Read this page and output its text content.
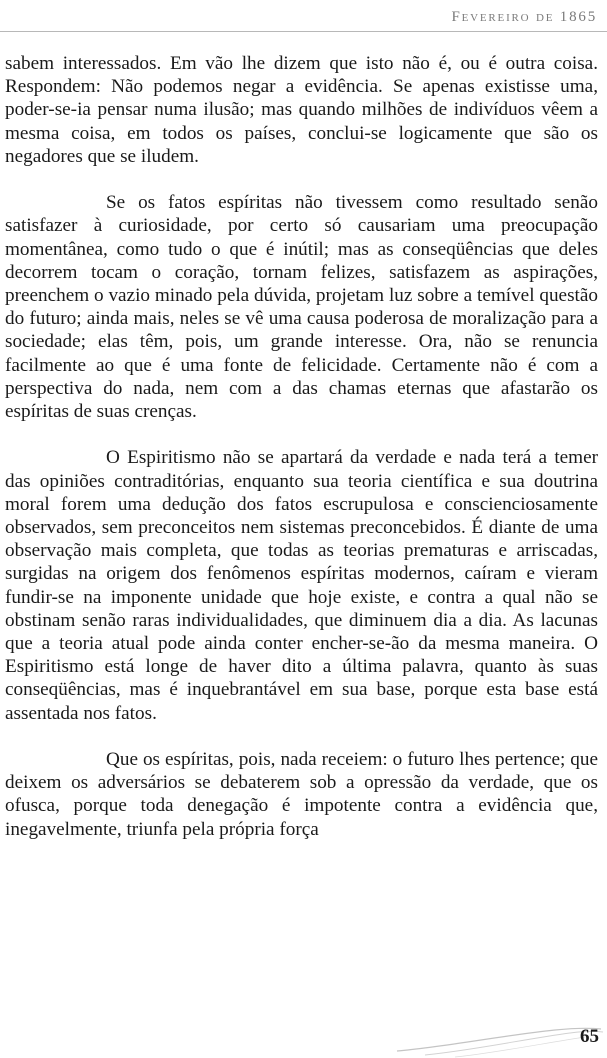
Fevereiro de 1865

sabem interessados. Em vão lhe dizem que isto não é, ou é outra coisa. Respondem: Não podemos negar a evidência. Se apenas existisse uma, poder-se-ia pensar numa ilusão; mas quando milhões de indivíduos vêem a mesma coisa, em todos os países, conclui-se logicamente que são os negadores que se iludem.

Se os fatos espíritas não tivessem como resultado senão satisfazer à curiosidade, por certo só causariam uma preocupação momentânea, como tudo o que é inútil; mas as conseqüências que deles decorrem tocam o coração, tornam felizes, satisfazem as aspirações, preenchem o vazio minado pela dúvida, projetam luz sobre a temível questão do futuro; ainda mais, neles se vê uma causa poderosa de moralização para a sociedade; elas têm, pois, um grande interesse. Ora, não se renuncia facilmente ao que é uma fonte de felicidade. Certamente não é com a perspectiva do nada, nem com a das chamas eternas que afastarão os espíritas de suas crenças.

O Espiritismo não se apartará da verdade e nada terá a temer das opiniões contraditórias, enquanto sua teoria científica e sua doutrina moral forem uma dedução dos fatos escrupulosa e conscienciosamente observados, sem preconceitos nem sistemas preconcebidos. É diante de uma observação mais completa, que todas as teorias prematuras e arriscadas, surgidas na origem dos fenômenos espíritas modernos, caíram e vieram fundir-se na imponente unidade que hoje existe, e contra a qual não se obstinam senão raras individualidades, que diminuem dia a dia. As lacunas que a teoria atual pode ainda conter encher-se-ão da mesma maneira. O Espiritismo está longe de haver dito a última palavra, quanto às suas conseqüências, mas é inquebrantável em sua base, porque esta base está assentada nos fatos.

Que os espíritas, pois, nada receiem: o futuro lhes pertence; que deixem os adversários se debaterem sob a opressão da verdade, que os ofusca, porque toda denegação é impotente contra a evidência que, inegavelmente, triunfa pela própria força

65
